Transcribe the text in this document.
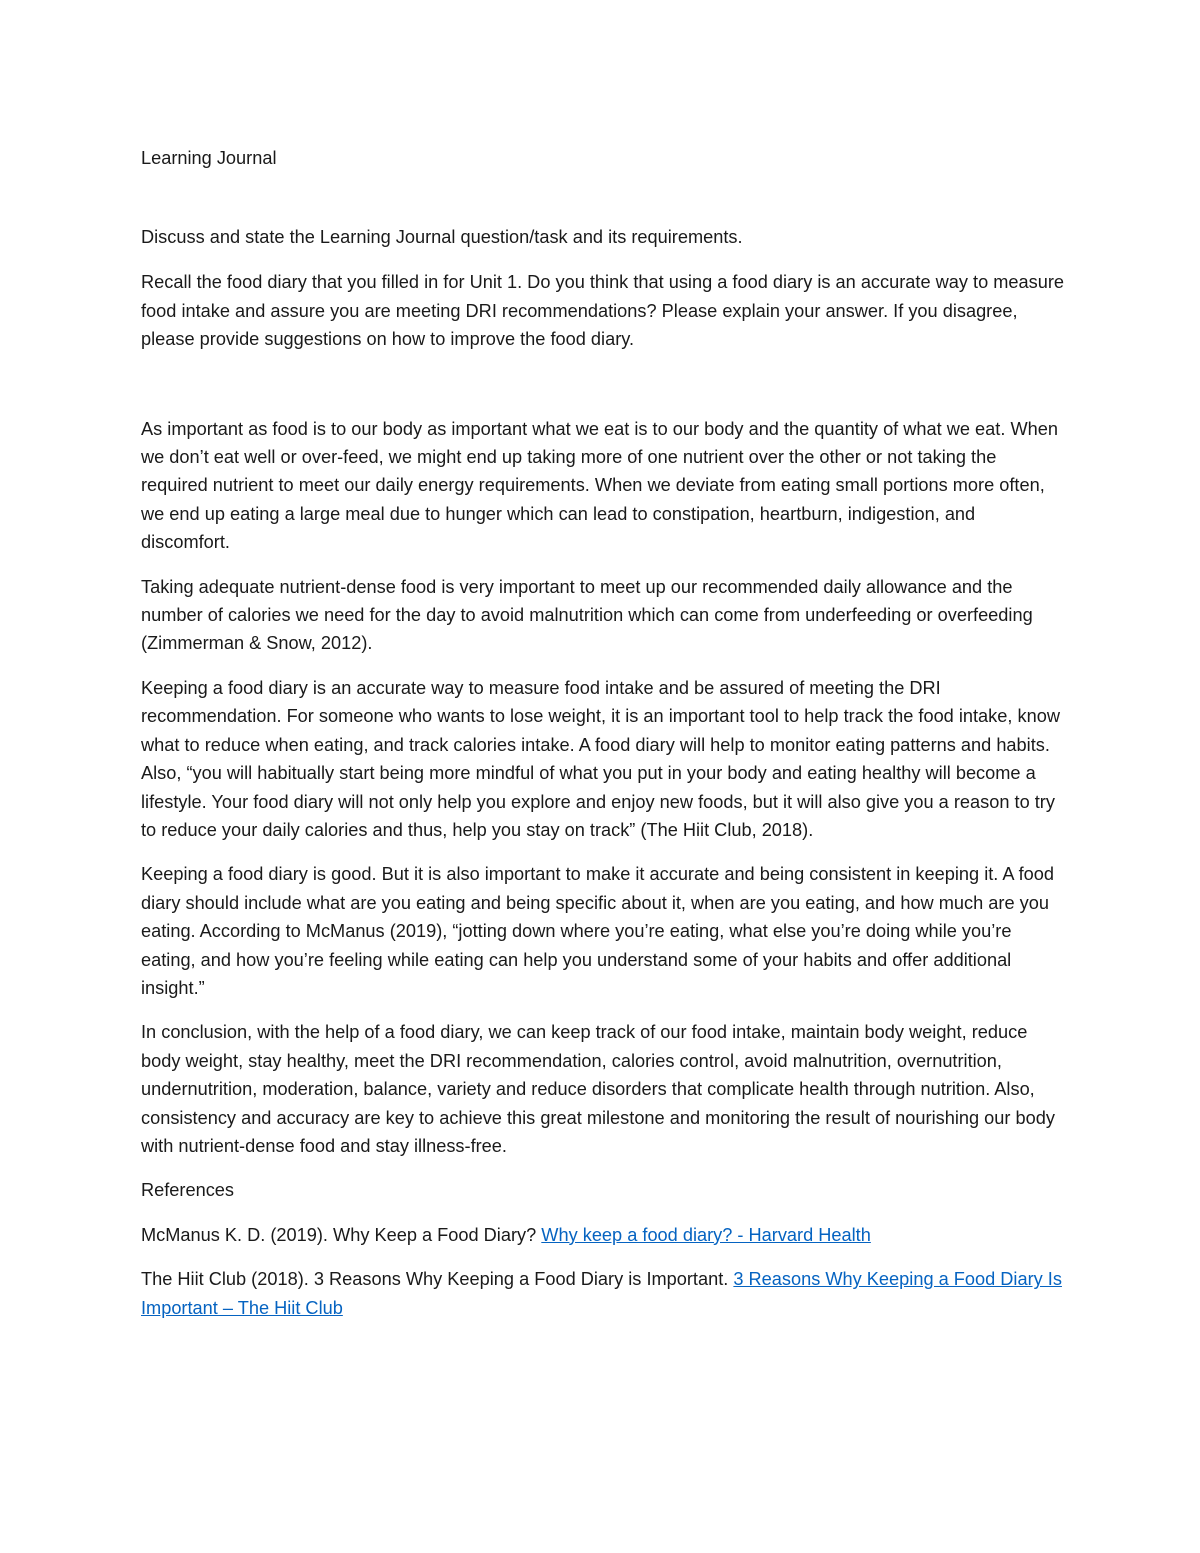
Learning Journal

Discuss and state the Learning Journal question/task and its requirements.

Recall the food diary that you filled in for Unit 1. Do you think that using a food diary is an accurate way to measure food intake and assure you are meeting DRI recommendations? Please explain your answer. If you disagree, please provide suggestions on how to improve the food diary.

As important as food is to our body as important what we eat is to our body and the quantity of what we eat. When we don’t eat well or over-feed, we might end up taking more of one nutrient over the other or not taking the required nutrient to meet our daily energy requirements. When we deviate from eating small portions more often, we end up eating a large meal due to hunger which can lead to constipation, heartburn, indigestion, and discomfort.

Taking adequate nutrient-dense food is very important to meet up our recommended daily allowance and the number of calories we need for the day to avoid malnutrition which can come from underfeeding or overfeeding (Zimmerman & Snow, 2012).

Keeping a food diary is an accurate way to measure food intake and be assured of meeting the DRI recommendation. For someone who wants to lose weight, it is an important tool to help track the food intake, know what to reduce when eating, and track calories intake. A food diary will help to monitor eating patterns and habits. Also, “you will habitually start being more mindful of what you put in your body and eating healthy will become a lifestyle. Your food diary will not only help you explore and enjoy new foods, but it will also give you a reason to try to reduce your daily calories and thus, help you stay on track” (The Hiit Club, 2018).

Keeping a food diary is good. But it is also important to make it accurate and being consistent in keeping it. A food diary should include what are you eating and being specific about it, when are you eating, and how much are you eating. According to McManus (2019), “jotting down where you’re eating, what else you’re doing while you’re eating, and how you’re feeling while eating can help you understand some of your habits and offer additional insight.”

In conclusion, with the help of a food diary, we can keep track of our food intake, maintain body weight, reduce body weight, stay healthy, meet the DRI recommendation, calories control, avoid malnutrition, overnutrition, undernutrition, moderation, balance, variety and reduce disorders that complicate health through nutrition. Also, consistency and accuracy are key to achieve this great milestone and monitoring the result of nourishing our body with nutrient-dense food and stay illness-free.

References

McManus K. D. (2019). Why Keep a Food Diary? Why keep a food diary? - Harvard Health

The Hiit Club (2018). 3 Reasons Why Keeping a Food Diary is Important. 3 Reasons Why Keeping a Food Diary Is Important – The Hiit Club
